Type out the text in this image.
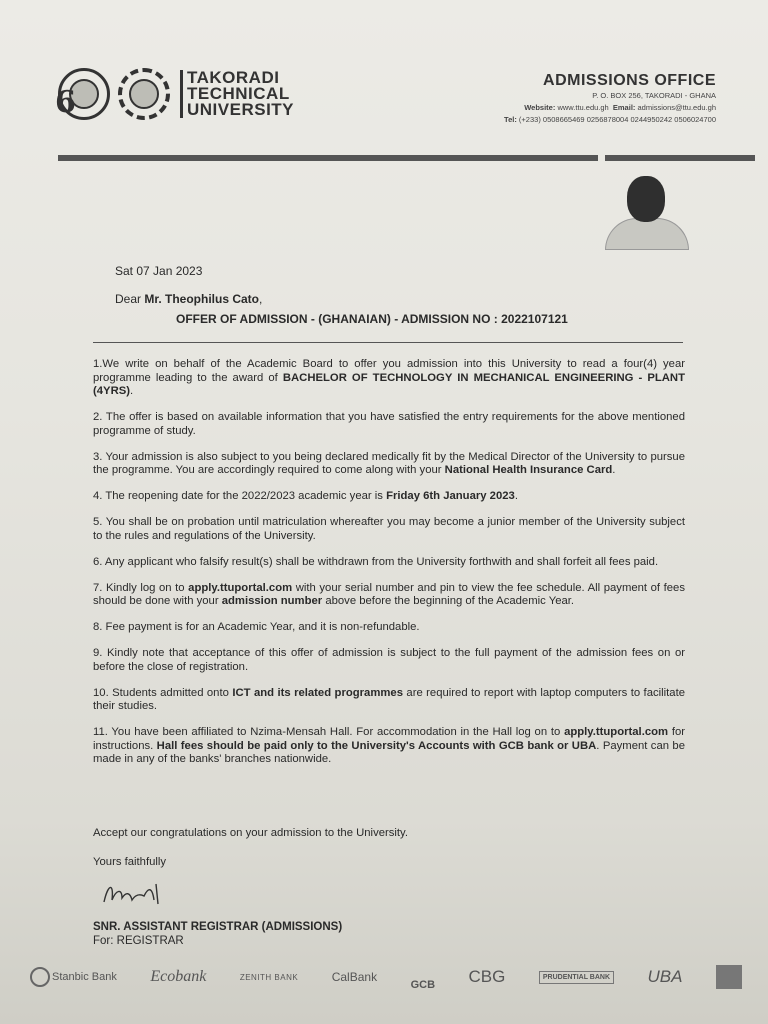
6
TAKORADI
TECHNICAL
UNIVERSITY
ADMISSIONS OFFICE
P. O. BOX 256, TAKORADI - GHANA
Website: www.ttu.edu.gh Email: admissions@ttu.edu.gh
Tel: (+233) 0508665469 0256878004 0244950242 0506024700
Sat 07 Jan 2023
Dear Mr. Theophilus Cato,
OFFER OF ADMISSION - (GHANAIAN) - ADMISSION NO : 2022107121

1.We write on behalf of the Academic Board to offer you admission into this University to read a four(4) year programme leading to the award of BACHELOR OF TECHNOLOGY IN MECHANICAL ENGINEERING - PLANT (4YRS).

2. The offer is based on available information that you have satisfied the entry requirements for the above mentioned programme of study.

3. Your admission is also subject to you being declared medically fit by the Medical Director of the University to pursue the programme. You are accordingly required to come along with your National Health Insurance Card.

4. The reopening date for the 2022/2023 academic year is Friday 6th January 2023.

5. You shall be on probation until matriculation whereafter you may become a junior member of the University subject to the rules and regulations of the University.

6. Any applicant who falsify result(s) shall be withdrawn from the University forthwith and shall forfeit all fees paid.

7. Kindly log on to apply.ttuportal.com with your serial number and pin to view the fee schedule. All payment of fees should be done with your admission number above before the beginning of the Academic Year.

8. Fee payment is for an Academic Year, and it is non-refundable.

9. Kindly note that acceptance of this offer of admission is subject to the full payment of the admission fees on or before the close of registration.

10. Students admitted onto ICT and its related programmes are required to report with laptop computers to facilitate their studies.

11. You have been affiliated to Nzima-Mensah Hall. For accommodation in the Hall log on to apply.ttuportal.com for instructions. Hall fees should be paid only to the University's Accounts with GCB bank or UBA. Payment can be made in any of the banks' branches nationwide.

Accept our congratulations on your admission to the University.
Yours faithfully
SNR. ASSISTANT REGISTRAR (ADMISSIONS)
For: REGISTRAR
Stanbic Bank Ecobank	ZENITH BANK	CalBank
GCB CBG	PRUDENTIAL BANK UBA
